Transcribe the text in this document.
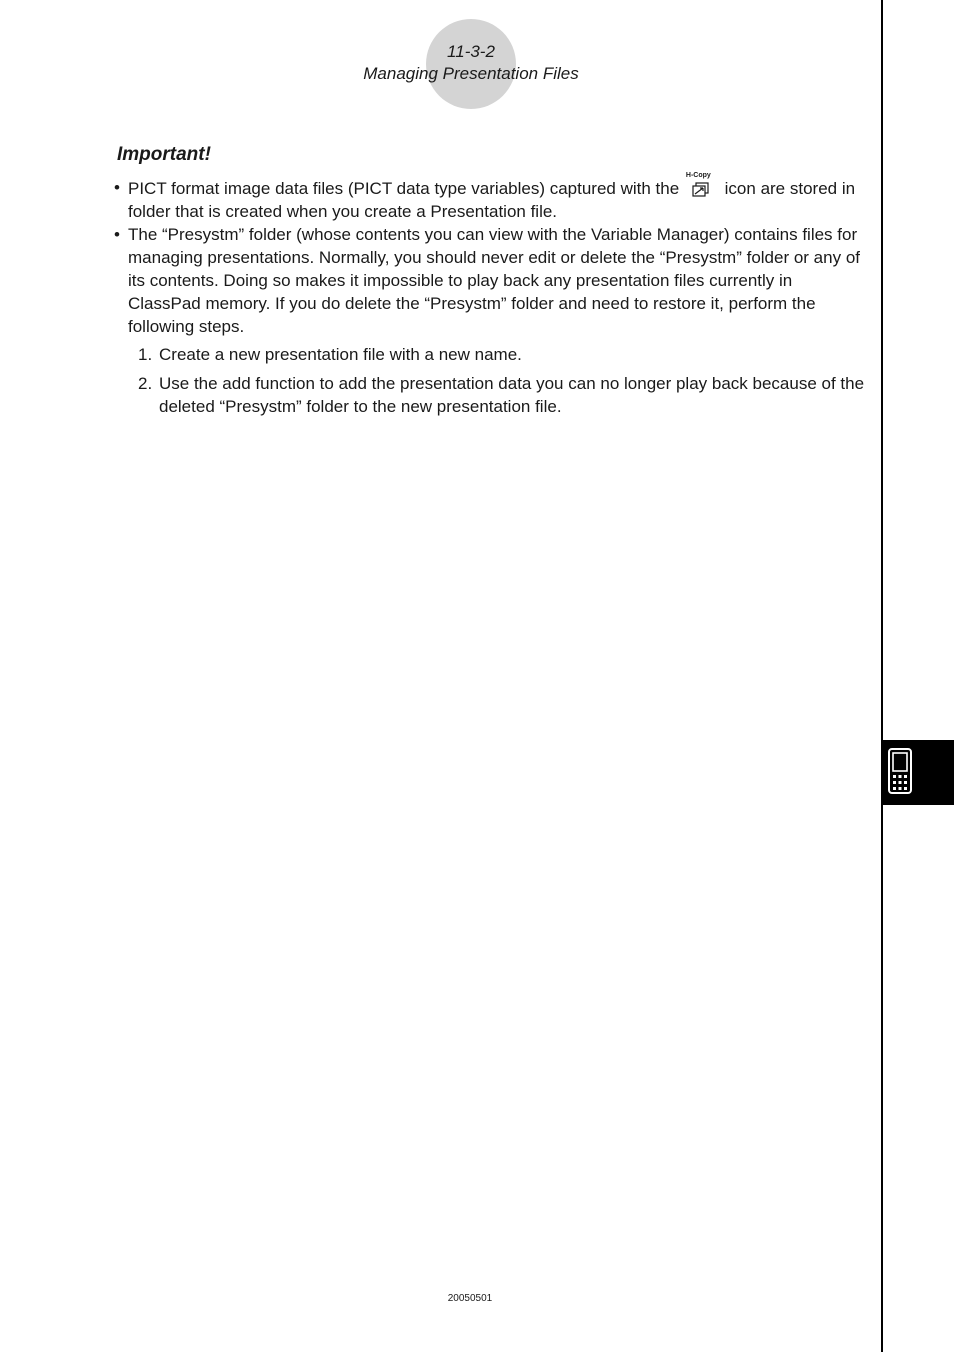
11-3-2
Managing Presentation Files
Important!

• PICT format image data files (PICT data type variables) captured with the
H-Copy
icon are stored in folder that is created when you create a Presentation file.

• The “Presystm” folder (whose contents you can view with the Variable Manager) contains files for managing presentations. Normally, you should never edit or delete the “Presystm” folder or any of its contents. Doing so makes it impossible to play back any presentation files currently in ClassPad memory. If you do delete the “Presystm” folder and need to restore it, perform the following steps.

1. Create a new presentation file with a new name.
2. Use the add function to add the presentation data you can no longer play back because of the deleted “Presystm” folder to the new presentation file.
20050501
